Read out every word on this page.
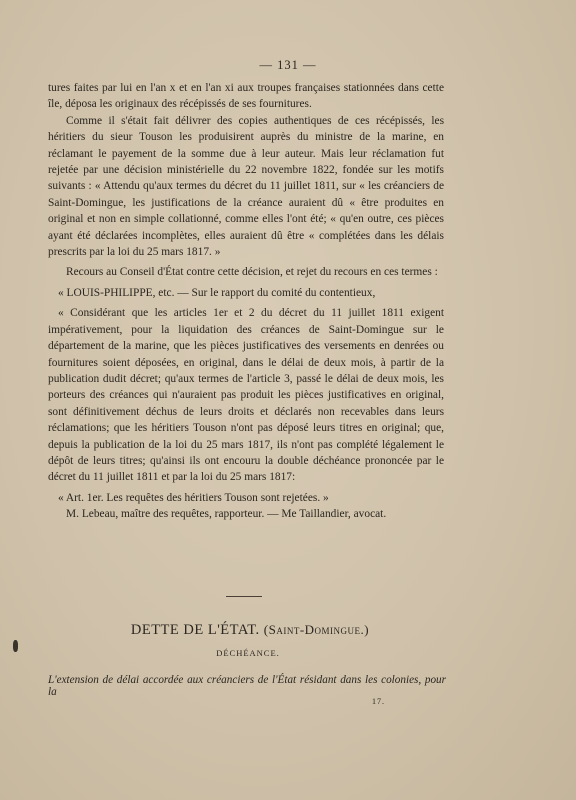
— 131 —

tures faites par lui en l'an x et en l'an xi aux troupes françaises stationnées dans cette île, déposa les originaux des récépissés de ses fournitures.

Comme il s'était fait délivrer des copies authentiques de ces récépissés, les héritiers du sieur Touson les produisirent auprès du ministre de la marine, en réclamant le payement de la somme due à leur auteur. Mais leur réclamation fut rejetée par une décision ministérielle du 22 novembre 1822, fondée sur les motifs suivants : « Attendu qu'aux termes du décret du 11 juillet 1811, sur « les créanciers de Saint-Domingue, les justifications de la créance auraient dû « être produites en original et non en simple collationné, comme elles l'ont été; « qu'en outre, ces pièces ayant été déclarées incomplètes, elles auraient dû être « complétées dans les délais prescrits par la loi du 25 mars 1817. »

Recours au Conseil d'État contre cette décision, et rejet du recours en ces termes :

« LOUIS-PHILIPPE, etc. — Sur le rapport du comité du contentieux,

« Considérant que les articles 1er et 2 du décret du 11 juillet 1811 exigent impérativement, pour la liquidation des créances de Saint-Domingue sur le département de la marine, que les pièces justificatives des versements en denrées ou fournitures soient déposées, en original, dans le délai de deux mois, à partir de la publication dudit décret; qu'aux termes de l'article 3, passé le délai de deux mois, les porteurs des créances qui n'auraient pas produit les pièces justificatives en original, sont définitivement déchus de leurs droits et déclarés non recevables dans leurs réclamations; que les héritiers Touson n'ont pas déposé leurs titres en original; que, depuis la publication de la loi du 25 mars 1817, ils n'ont pas complété légalement le dépôt de leurs titres; qu'ainsi ils ont encouru la double déchéance prononcée par le décret du 11 juillet 1811 et par la loi du 25 mars 1817:

« Art. 1er. Les requêtes des héritiers Touson sont rejetées. »

M. Lebeau, maître des requêtes, rapporteur. — Me Taillandier, avocat.

DETTE DE L'ÉTAT. (Saint-Domingue.)
DÉCHÉANCE.
L'extension de délai accordée aux créanciers de l'État résidant dans les colonies, pour la
17.
